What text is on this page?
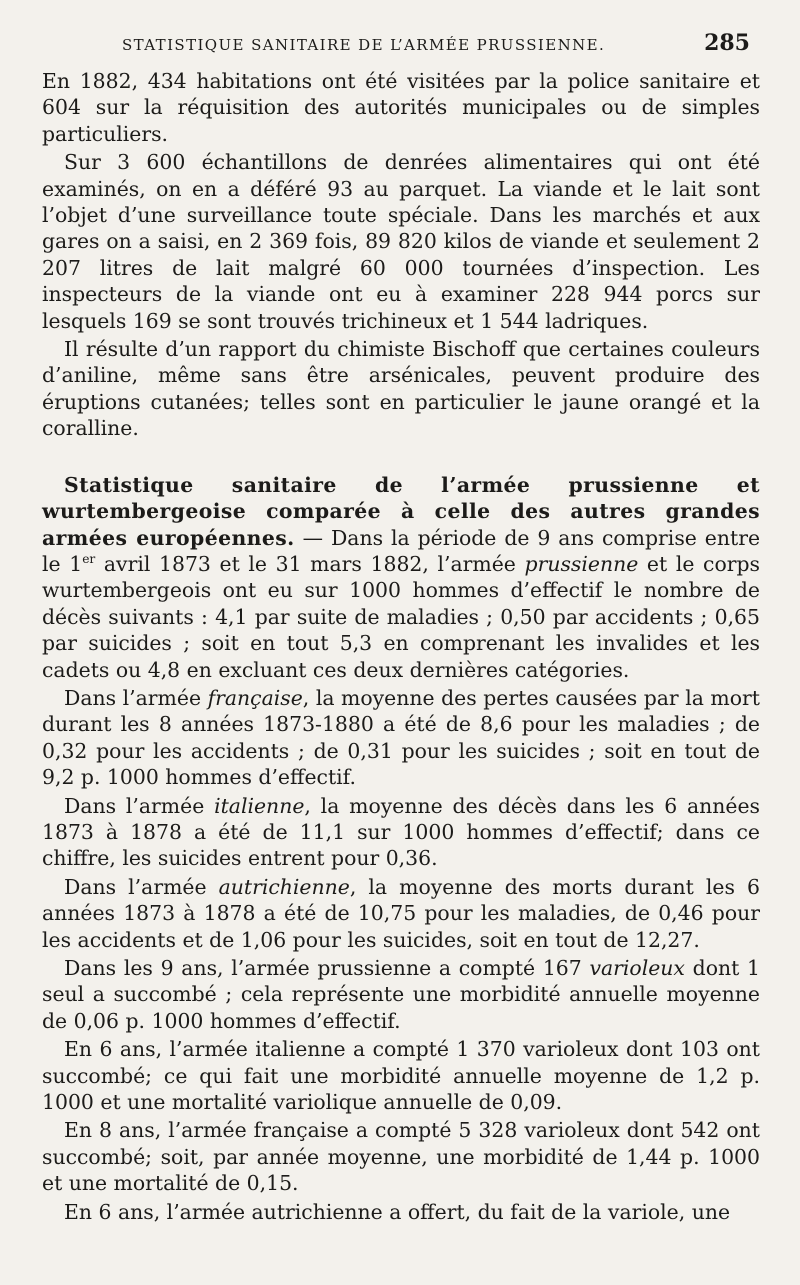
STATISTIQUE SANITAIRE DE L’ARMÉE PRUSSIENNE.	285

En 1882, 434 habitations ont été visitées par la police sanitaire et 604 sur la réquisition des autorités municipales ou de simples particuliers.

Sur 3 600 échantillons de denrées alimentaires qui ont été examinés, on en a déféré 93 au parquet. La viande et le lait sont l’objet d’une surveillance toute spéciale. Dans les marchés et aux gares on a saisi, en 2 369 fois, 89 820 kilos de viande et seulement 2 207 litres de lait malgré 60 000 tournées d’inspection. Les inspecteurs de la viande ont eu à examiner 228 944 porcs sur lesquels 169 se sont trouvés trichineux et 1 544 ladriques.

Il résulte d’un rapport du chimiste Bischoff que certaines couleurs d’aniline, même sans être arsénicales, peuvent produire des éruptions cutanées; telles sont en particulier le jaune orangé et la coralline.

Statistique sanitaire de l’armée prussienne et wurtembergeoise comparée à celle des autres grandes armées européennes. — Dans la période de 9 ans comprise entre le 1er avril 1873 et le 31 mars 1882, l’armée prussienne et le corps wurtembergeois ont eu sur 1000 hommes d’effectif le nombre de décès suivants : 4,1 par suite de maladies ; 0,50 par accidents ; 0,65 par suicides ; soit en tout 5,3 en comprenant les invalides et les cadets ou 4,8 en excluant ces deux dernières catégories.

Dans l’armée française, la moyenne des pertes causées par la mort durant les 8 années 1873-1880 a été de 8,6 pour les maladies ; de 0,32 pour les accidents ; de 0,31 pour les suicides ; soit en tout de 9,2 p. 1000 hommes d’effectif.

Dans l’armée italienne, la moyenne des décès dans les 6 années 1873 à 1878 a été de 11,1 sur 1000 hommes d’effectif; dans ce chiffre, les suicides entrent pour 0,36.

Dans l’armée autrichienne, la moyenne des morts durant les 6 années 1873 à 1878 a été de 10,75 pour les maladies, de 0,46 pour les accidents et de 1,06 pour les suicides, soit en tout de 12,27.

Dans les 9 ans, l’armée prussienne a compté 167 varioleux dont 1 seul a succombé ; cela représente une morbidité annuelle moyenne de 0,06 p. 1000 hommes d’effectif.

En 6 ans, l’armée italienne a compté 1 370 varioleux dont 103 ont succombé; ce qui fait une morbidité annuelle moyenne de 1,2 p. 1000 et une mortalité variolique annuelle de 0,09.

En 8 ans, l’armée française a compté 5 328 varioleux dont 542 ont succombé; soit, par année moyenne, une morbidité de 1,44 p. 1000 et une mortalité de 0,15.

En 6 ans, l’armée autrichienne a offert, du fait de la variole, une
